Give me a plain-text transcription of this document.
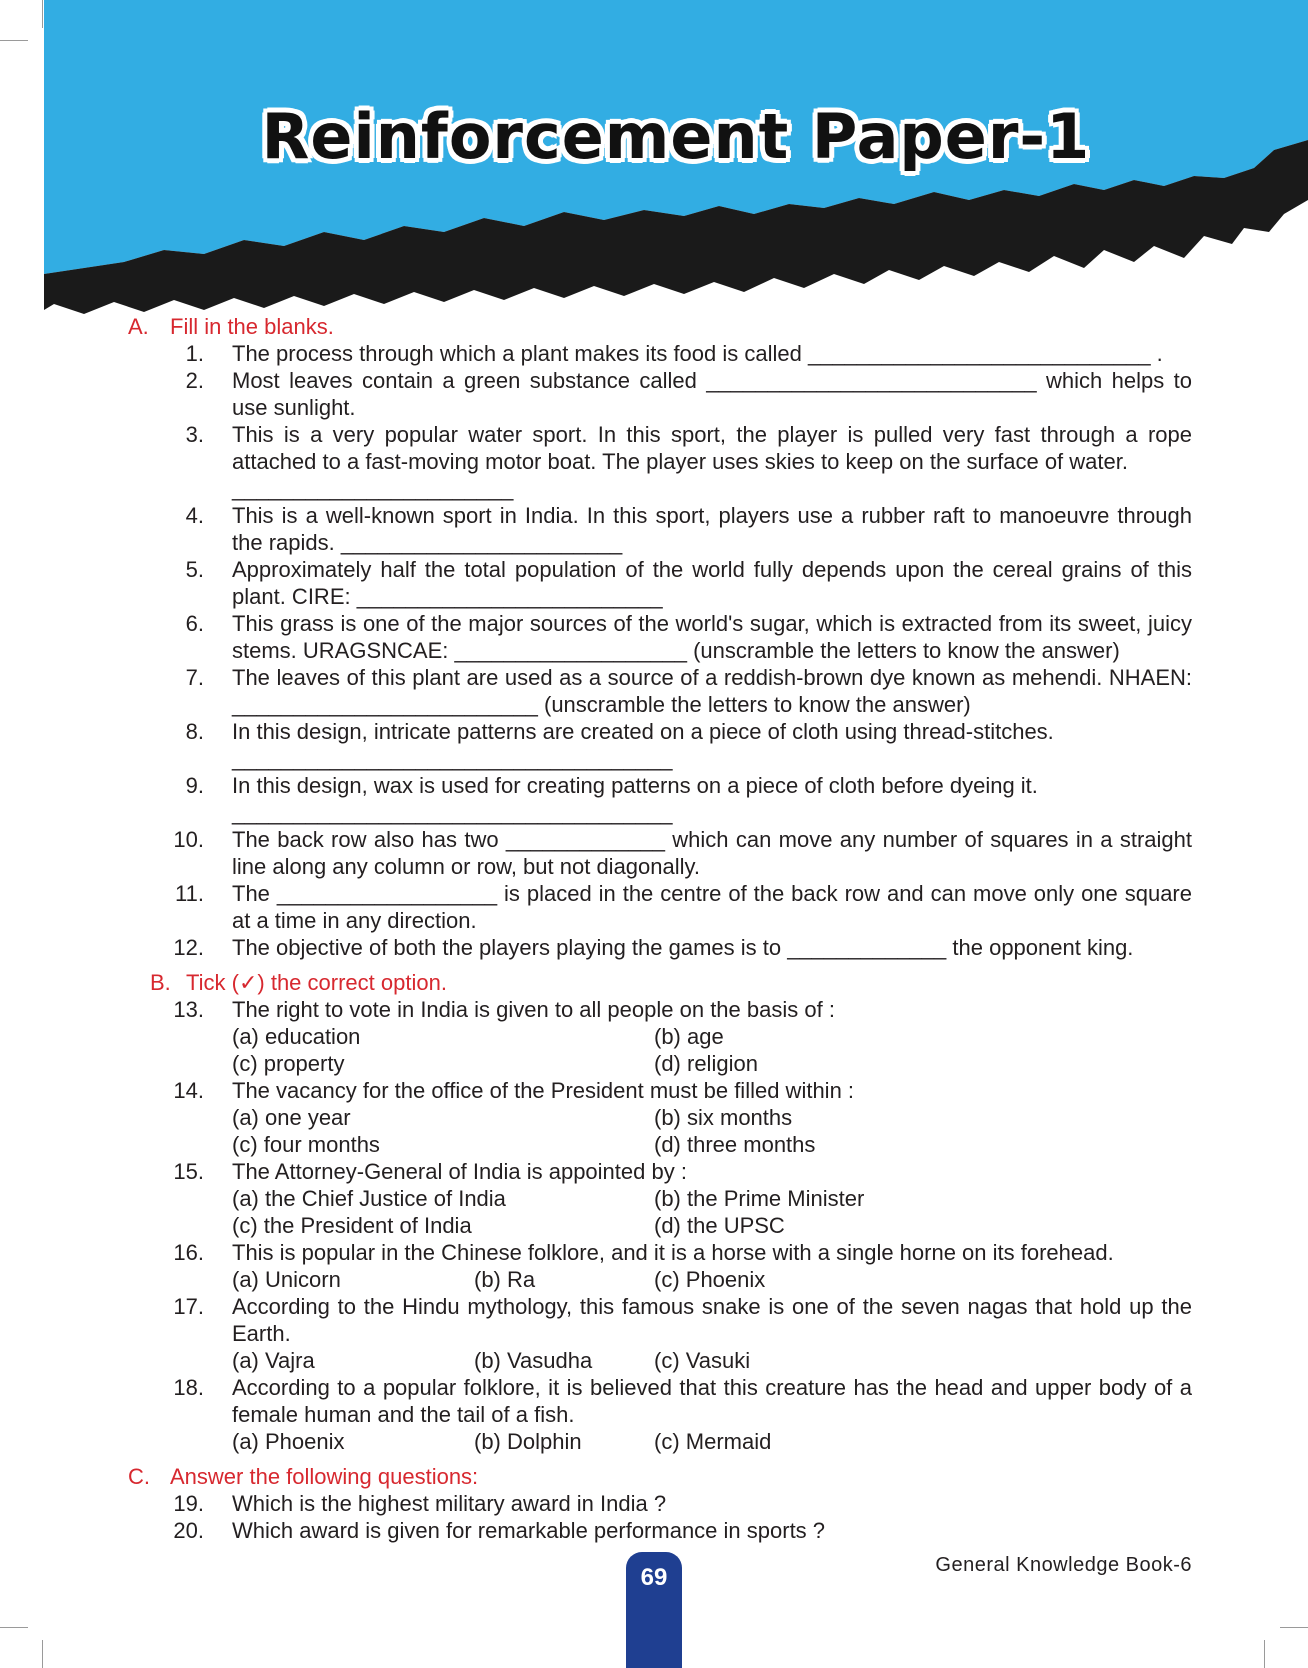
Reinforcement Paper-1
A. Fill in the blanks.
1. The process through which a plant makes its food is called ____________________________ .
2. Most leaves contain a green substance called ___________________________ which helps to use sunlight.
3. This is a very popular water sport. In this sport, the player is pulled very fast through a rope attached to a fast-moving motor boat. The player uses skies to keep on the surface of water.
_______________________
4. This is a well-known sport in India. In this sport, players use a rubber raft to manoeuvre through the rapids. _______________________
5. Approximately half the total population of the world fully depends upon the cereal grains of this plant. CIRE: _________________________
6. This grass is one of the major sources of the world's sugar, which is extracted from its sweet, juicy stems. URAGSNCAE: ___________________ (unscramble the letters to know the answer)
7. The leaves of this plant are used as a source of a reddish-brown dye known as mehendi. NHAEN: _________________________ (unscramble the letters to know the answer)
8. In this design, intricate patterns are created on a piece of cloth using thread-stitches.
____________________________________
9. In this design, wax is used for creating patterns on a piece of cloth before dyeing it.
____________________________________
10. The back row also has two _____________ which can move any number of squares in a straight line along any column or row, but not diagonally.
11. The __________________ is placed in the centre of the back row and can move only one square at a time in any direction.
12. The objective of both the players playing the games is to _____________ the opponent king.
B. Tick (✓) the correct option.
13. The right to vote in India is given to all people on the basis of :
(a) education	(b) age
(c) property	(d) religion
14. The vacancy for the office of the President must be filled within :
(a) one year	(b) six months
(c) four months	(d) three months
15. The Attorney-General of India is appointed by :
(a) the Chief Justice of India	(b) the Prime Minister
(c) the President of India	(d) the UPSC
16. This is popular in the Chinese folklore, and it is a horse with a single horne on its forehead.
(a) Unicorn	(b) Ra	(c) Phoenix
17. According to the Hindu mythology, this famous snake is one of the seven nagas that hold up the Earth.
(a) Vajra	(b) Vasudha	(c) Vasuki
18. According to a popular folklore, it is believed that this creature has the head and upper body of a female human and the tail of a fish.
(a) Phoenix	(b) Dolphin	(c) Mermaid
C. Answer the following questions:
19. Which is the highest military award in India ?
20. Which award is given for remarkable performance in sports ?
69	General Knowledge Book-6
